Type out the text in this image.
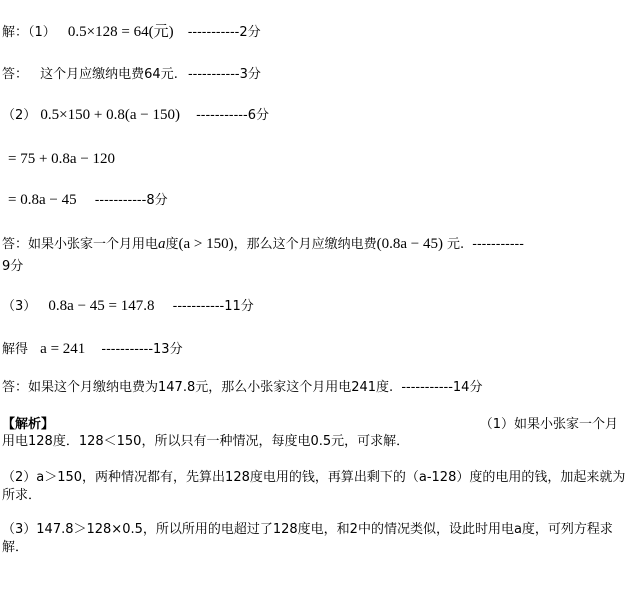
解：（1） 0.5×128 = 64(元) -----------2分
答： 这个月应缴纳电费64元. -----------3分
（2） 0.5×150 + 0.8(a − 150) -----------6分
= 75 + 0.8a − 120
= 0.8a − 45 -----------8分
答：如果小张家一个月用电a度(a > 150)，那么这个月应缴纳电费(0.8a − 45) 元. -----------
9分
（3） 0.8a − 45 = 147.8 -----------11分
解得 a = 241 -----------13分
答：如果这个月缴纳电费为147.8元，那么小张家这个月用电241度. -----------14分
【解析】	（1）如果小张家一个月
用电128度．128＜150，所以只有一种情况，每度电0.5元，可求解．
（2）a＞150，两种情况都有，先算出128度电用的钱，再算出剩下的（a-128）度的电用的钱，加起来就为所求．
（3）147.8＞128×0.5，所以所用的电超过了128度电，和2中的情况类似，设此时用电a度，可列方程求解．
